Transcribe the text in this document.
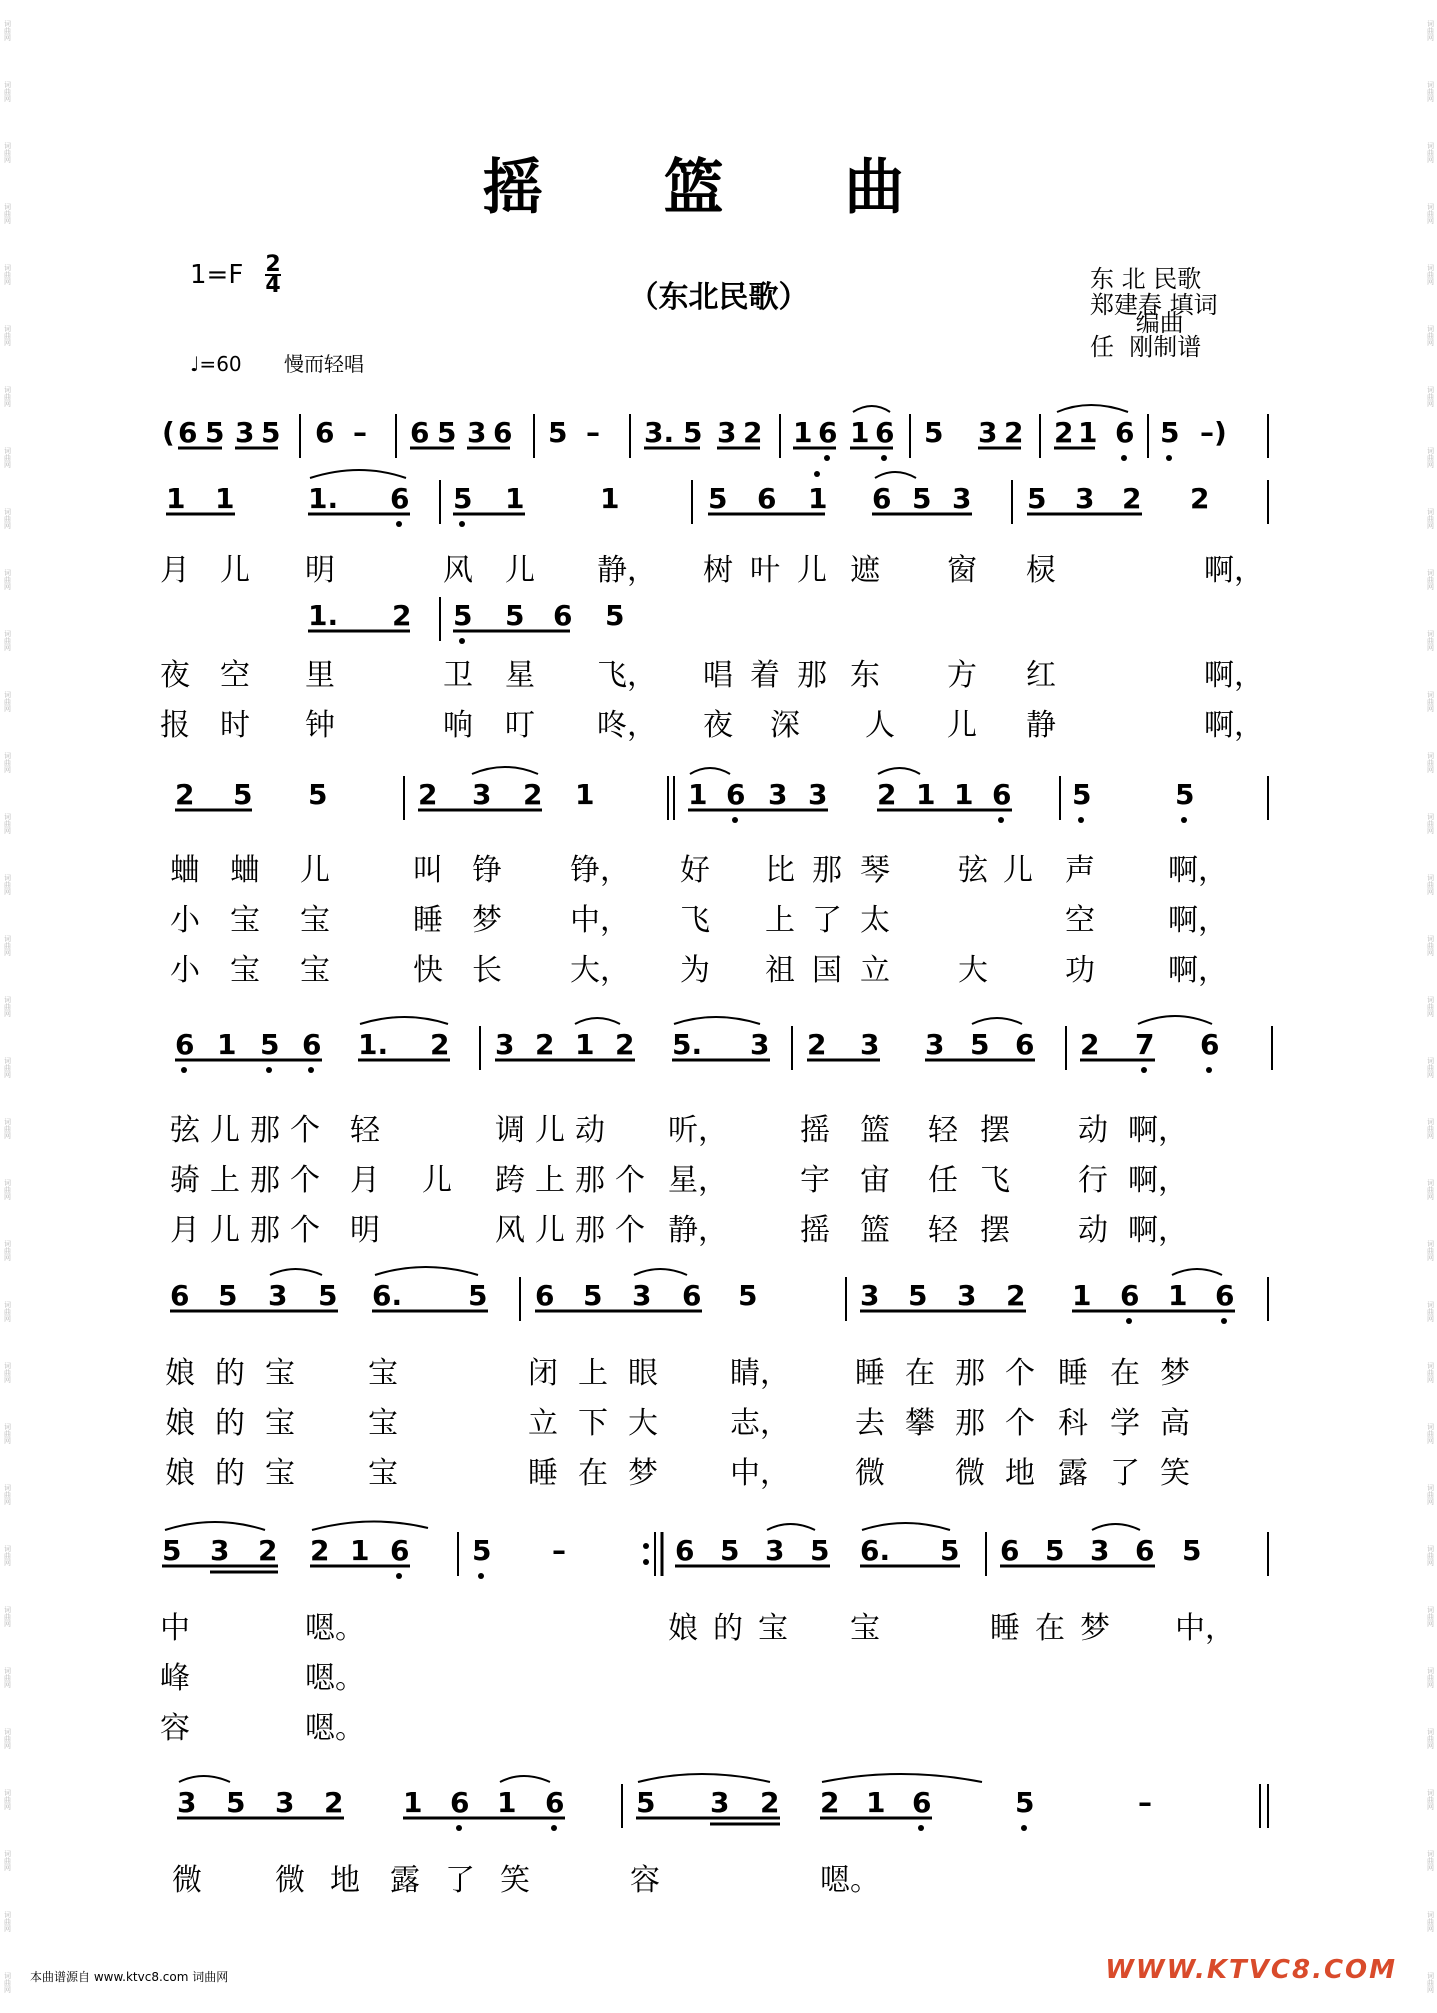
词曲网
词曲网
词曲网
词曲网
词曲网
词曲网
词曲网
词曲网
词曲网
词曲网
词曲网
词曲网
词曲网
词曲网
词曲网
词曲网
词曲网
词曲网
词曲网
词曲网
词曲网
词曲网
词曲网
词曲网
词曲网
词曲网
词曲网
词曲网
词曲网
词曲网
词曲网
词曲网
词曲网
词曲网
词曲网
词曲网
词曲网
词曲网
词曲网
词曲网
词曲网
词曲网
词曲网
词曲网
词曲网
词曲网
词曲网
词曲网
词曲网
词曲网
词曲网
词曲网
词曲网
词曲网
词曲网
词曲网
词曲网
词曲网
词曲网
词曲网
词曲网
词曲网
词曲网
词曲网
词曲网
词曲网
摇 篮 曲
1=F 2
4	（东北民歌）
东 北 民歌
郑建春 填词
编曲
任  刚制谱
♩=60 慢而轻唱
( 6 5 3 5 6 – 6 5 3 6 5 – 3. 5 3 2 1 6 1 6 5 3 2 2 1 6 5 –)
1 1	1. 6 5 1	1	5 6 1 6 5 3 5 3 2 2
月 儿 明	风 儿 静， 树 叶 儿 遮 窗 棂	啊，
1. 2 5 5 6 5
夜 空 里	卫 星 飞， 唱 着 那 东 方 红	啊，
报 时 钟	响 叮 咚， 夜 深 人 儿 静	啊，
2 5 5	2 3 2 1	1 6 3 3 2 1 1 6 5	5
蛐 蛐 儿	叫 铮 铮， 好 比 那 琴 弦 儿 声 啊，
小 宝 宝	睡 梦 中， 飞 上 了 太	空 啊，
小 宝 宝	快 长 大， 为 祖 国 立 大	功 啊，
6 1 5 6 1. 2 3 2 1 2 5. 3 2 3 3 5 6 2 7 6
弦 儿 那 个 轻	调 儿 动 听， 摇 篮 轻 摆 动 啊，
骑 上 那 个 月 儿 跨 上 那 个 星， 宇 宙 任 飞 行 啊，
月 儿 那 个 明	风 儿 那 个 静， 摇 篮 轻 摆 动 啊，
6 5 3 5 6. 5 6 5 3 6 5	3 5 3 2 1 6 1 6
娘 的 宝 宝	闭 上 眼 睛， 睡 在 那 个 睡 在 梦
娘 的 宝 宝	立 下 大 志， 去 攀 那 个 科 学 高
娘 的 宝 宝	睡 在 梦 中， 微 微 地 露 了 笑
5 3 2 2 1 6 5 –	6 5 3 5 6. 5 6 5 3 6 5
中	嗯。	娘 的 宝 宝	睡 在 梦 中，
峰	嗯。
容	嗯。
3 5 3 2 1 6 1 6	5 3 2 2 1 6	5	–
微 微 地 露 了 笑	容	嗯。
本曲谱源自 www.ktvc8.com 词曲网	WWW.KTVC8.COM
